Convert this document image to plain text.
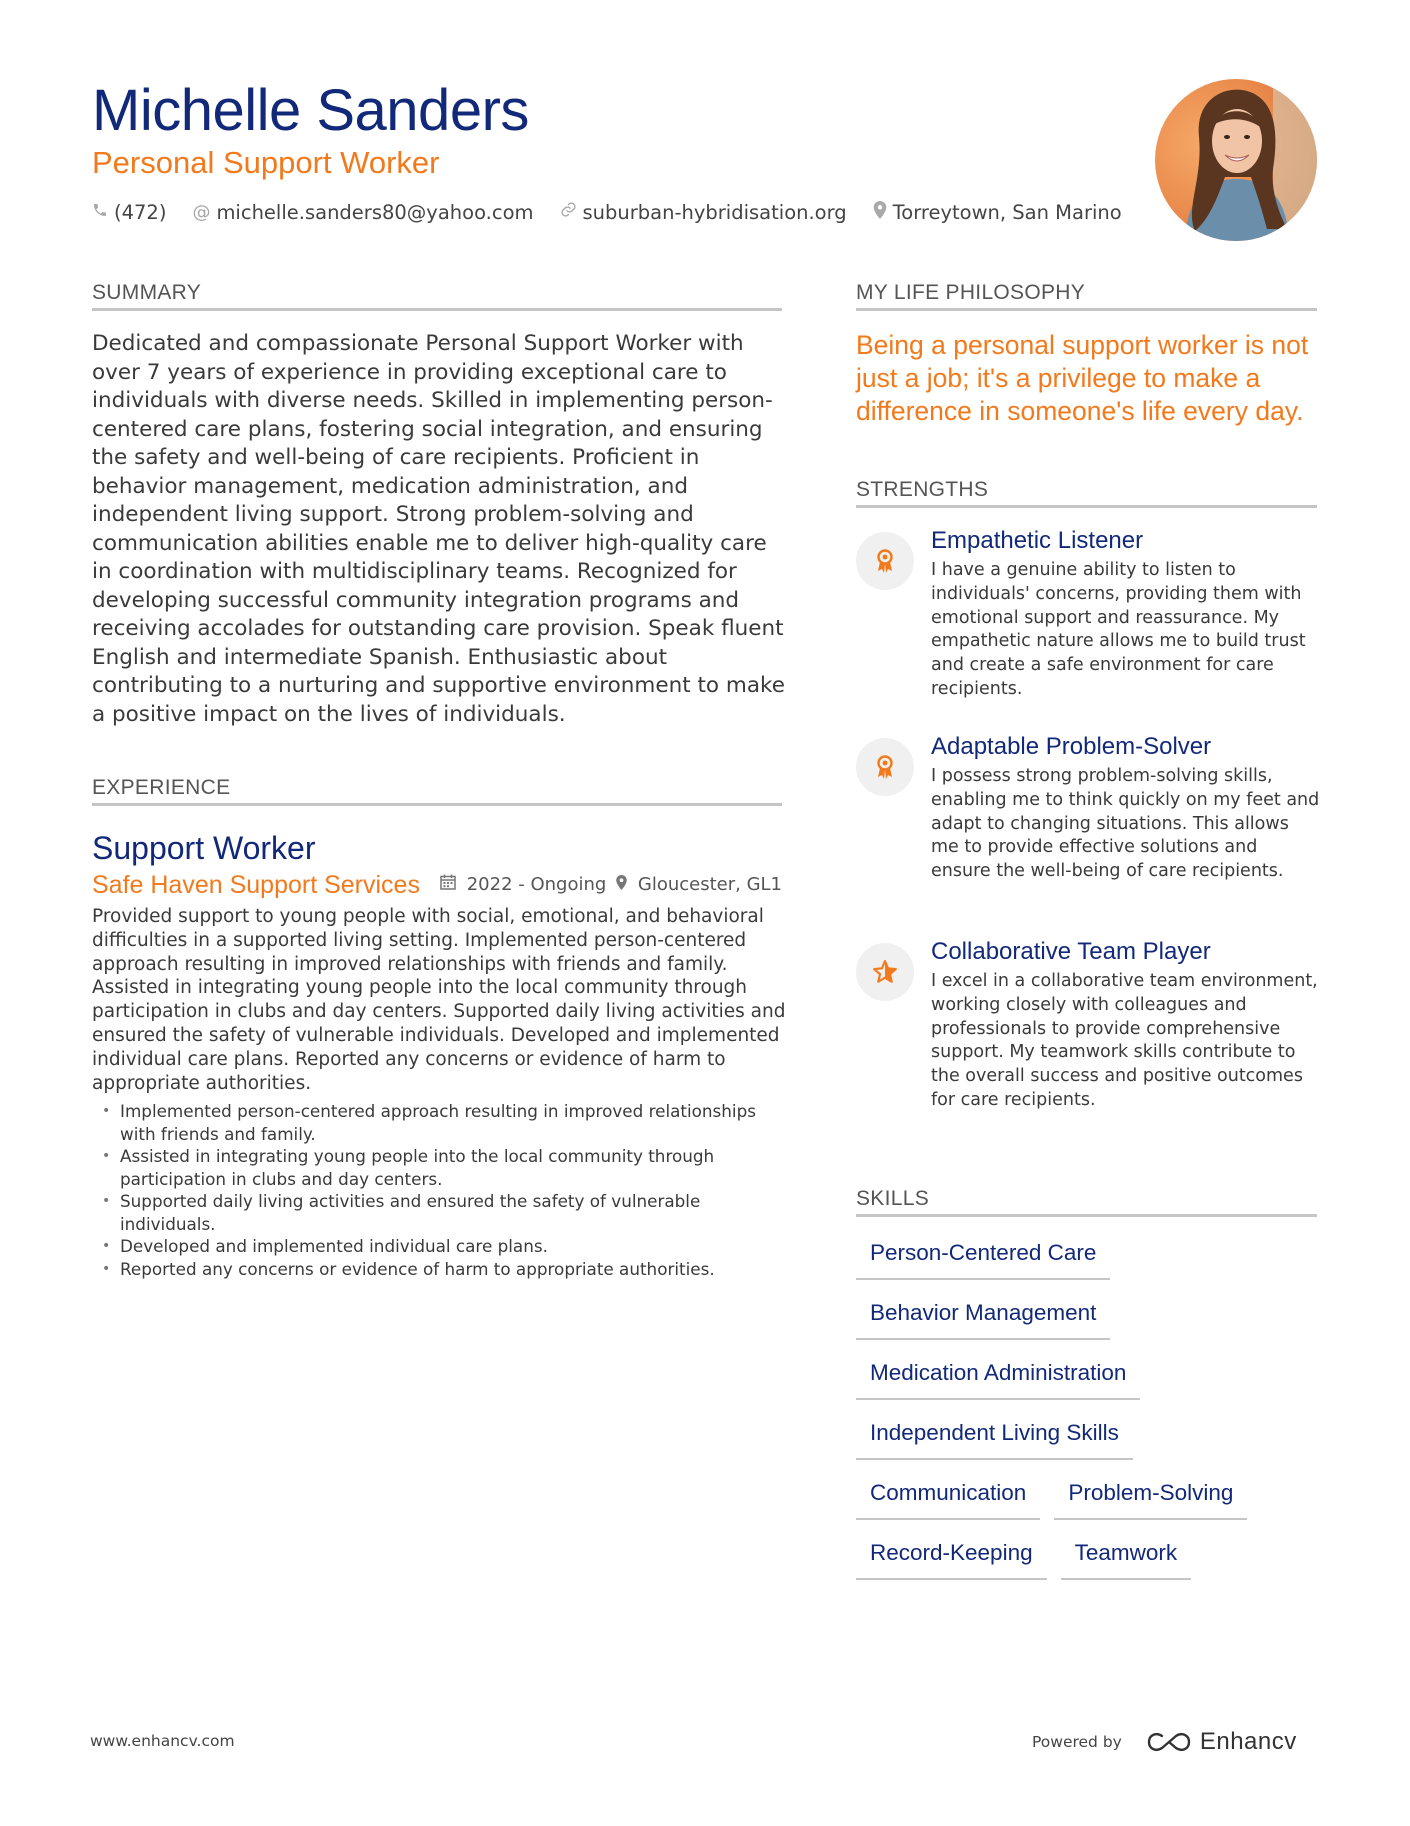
Michelle Sanders
Personal Support Worker
(472) @ michelle.sanders80@yahoo.com	suburban-hybridisation.org Torreytown, San Marino
SUMMARY

Dedicated and compassionate Personal Support Worker with over 7 years of experience in providing exceptional care to individuals with diverse needs. Skilled in implementing person-centered care plans, fostering social integration, and ensuring the safety and well-being of care recipients. Proficient in behavior management, medication administration, and independent living support. Strong problem-solving and communication abilities enable me to deliver high-quality care in coordination with multidisciplinary teams. Recognized for developing successful community integration programs and receiving accolades for outstanding care provision. Speak fluent English and intermediate Spanish. Enthusiastic about contributing to a nurturing and supportive environment to make a positive impact on the lives of individuals.

EXPERIENCE
Support Worker
Safe Haven Support Services	2022 - Ongoing	Gloucester, GL1

Provided support to young people with social, emotional, and behavioral difficulties in a supported living setting. Implemented person-centered approach resulting in improved relationships with friends and family. Assisted in integrating young people into the local community through participation in clubs and day centers. Supported daily living activities and ensured the safety of vulnerable individuals. Developed and implemented individual care plans. Reported any concerns or evidence of harm to appropriate authorities.

• Implemented person-centered approach resulting in improved relationships with friends and family.
• Assisted in integrating young people into the local community through participation in clubs and day centers.
• Supported daily living activities and ensured the safety of vulnerable individuals.
• Developed and implemented individual care plans.
• Reported any concerns or evidence of harm to appropriate authorities.
MY LIFE PHILOSOPHY

Being a personal support worker is not just a job; it's a privilege to make a difference in someone's life every day.

STRENGTHS
Empathetic Listener

I have a genuine ability to listen to individuals' concerns, providing them with emotional support and reassurance. My empathetic nature allows me to build trust and create a safe environment for care recipients.

Adaptable Problem-Solver

I possess strong problem-solving skills, enabling me to think quickly on my feet and adapt to changing situations. This allows me to provide effective solutions and ensure the well-being of care recipients.

Collaborative Team Player

I excel in a collaborative team environment, working closely with colleagues and professionals to provide comprehensive support. My teamwork skills contribute to the overall success and positive outcomes for care recipients.

SKILLS
Person-Centered Care
Behavior Management
Medication Administration
Independent Living Skills
Communication	Problem-Solving
Record-Keeping	Teamwork
www.enhancv.com	Powered by	Enhancv
